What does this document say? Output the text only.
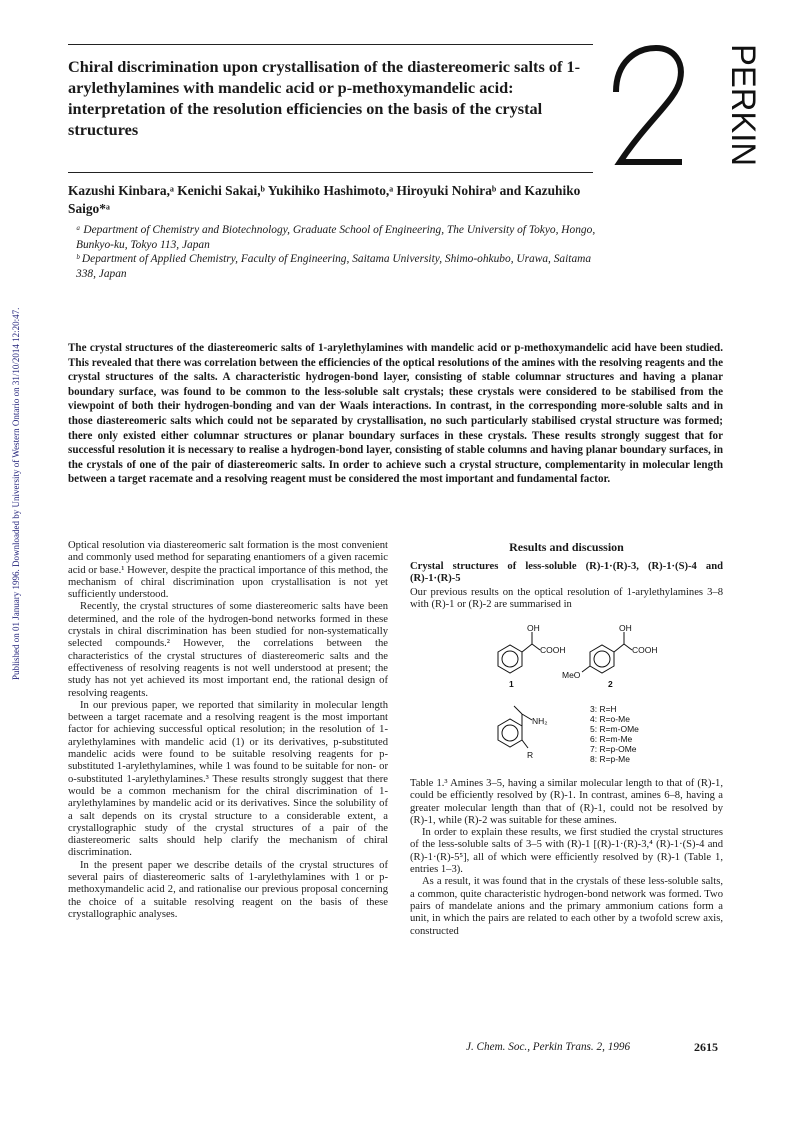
Published on 01 January 1996. Downloaded by University of Western Ontario on 31/10/2014 12:20:47.
Chiral discrimination upon crystallisation of the diastereomeric salts of 1-arylethylamines with mandelic acid or p-methoxymandelic acid: interpretation of the resolution efficiencies on the basis of the crystal structures
2
PERKIN
Kazushi Kinbara,ᵃ Kenichi Sakai,ᵇ Yukihiko Hashimoto,ᵃ Hiroyuki Nohiraᵇ and Kazuhiko Saigo*ᵃ
ᵃ Department of Chemistry and Biotechnology, Graduate School of Engineering, The University of Tokyo, Hongo, Bunkyo-ku, Tokyo 113, Japan
ᵇ Department of Applied Chemistry, Faculty of Engineering, Saitama University, Shimo-ohkubo, Urawa, Saitama 338, Japan
The crystal structures of the diastereomeric salts of 1-arylethylamines with mandelic acid or p-methoxymandelic acid have been studied. This revealed that there was correlation between the efficiencies of the optical resolutions of the amines with the resolving reagents and the crystal structures of the salts. A characteristic hydrogen-bond layer, consisting of stable columnar structures and having a planar boundary surface, was found to be common to the less-soluble salt crystals; these crystals were considered to be stabilised from the viewpoint of both their hydrogen-bonding and van der Waals interactions. In contrast, in the corresponding more-soluble salts and in those diastereomeric salts which could not be separated by crystallisation, no such particularly stabilised crystal structure was formed; there only existed either columnar structures or planar boundary surfaces in these crystals. These results strongly suggest that for successful resolution it is necessary to realise a hydrogen-bond layer, consisting of stable columns and having planar boundary surfaces, in the crystals of one of the pair of diastereomeric salts. In order to achieve such a crystal structure, complementarity in molecular length between a target racemate and a resolving reagent must be considered the most important and fundamental factor.

Optical resolution via diastereomeric salt formation is the most convenient and commonly used method for separating enantiomers of a given racemic acid or base.¹ However, despite the practical importance of this method, the mechanism of chiral discrimination upon crystallisation is not yet sufficiently understood.

Recently, the crystal structures of some diastereomeric salts have been determined, and the role of the hydrogen-bond networks formed in these crystals in chiral discrimination has been studied for non-systematically selected compounds.² However, the correlations between the characteristics of the crystal structures of diastereomeric salts and the effectiveness of resolving reagents is not well understood at present; the study has not yet achieved its most important end, the rational design of resolving reagents.

In our previous paper, we reported that similarity in molecular length between a target racemate and a resolving reagent is the most important factor for achieving successful optical resolution; in the resolution of 1-arylethylamines with mandelic acid (1) or its derivatives, p-substituted mandelic acids were found to be suitable resolving reagents for p-substituted 1-arylethylamines, while 1 was found to be suitable for non- or o-substituted 1-arylethylamines.³ These results strongly suggest that there would be a common mechanism for the chiral discrimination of 1-arylethylamines by mandelic acid or its derivatives. Since the solubility of a salt depends on its crystal structure to a considerable extent, a crystallographic study of the crystal structures of a pair of the diastereomeric salts should help clarify the mechanism of chiral discrimination.

In the present paper we describe details of the crystal structures of several pairs of diastereomeric salts of 1-arylethylamines with 1 or p-methoxymandelic acid 2, and rationalise our previous proposal concerning the choice of a suitable resolving reagent on the basis of these crystallographic analyses.

Results and discussion
Crystal structures of less-soluble (R)-1·(R)-3, (R)-1·(S)-4 and (R)-1·(R)-5

Our previous results on the optical resolution of 1-arylethylamines 3–8 with (R)-1 or (R)-2 are summarised in

OH
COOH
1
OH
COOH
MeO
2
NH₂
R
3: R=H
4: R=o-Me
5: R=m-OMe
6: R=m-Me
7: R=p-OMe
8: R=p-Me

Table 1.³ Amines 3–5, having a similar molecular length to that of (R)-1, could be efficiently resolved by (R)-1. In contrast, amines 6–8, having a greater molecular length than that of (R)-1, could not be resolved by (R)-1, while (R)-2 was suitable for these amines.

In order to explain these results, we first studied the crystal structures of the less-soluble salts of 3–5 with (R)-1 [(R)-1·(R)-3,⁴ (R)-1·(S)-4 and (R)-1·(R)-5⁵], all of which were efficiently resolved by (R)-1 (Table 1, entries 1–3).

As a result, it was found that in the crystals of these less-soluble salts, a common, quite characteristic hydrogen-bond network was formed. Two pairs of mandelate anions and the primary ammonium cations form a unit, in which the pairs are related to each other by a twofold screw axis, constructed

J. Chem. Soc., Perkin Trans. 2, 1996	2615
